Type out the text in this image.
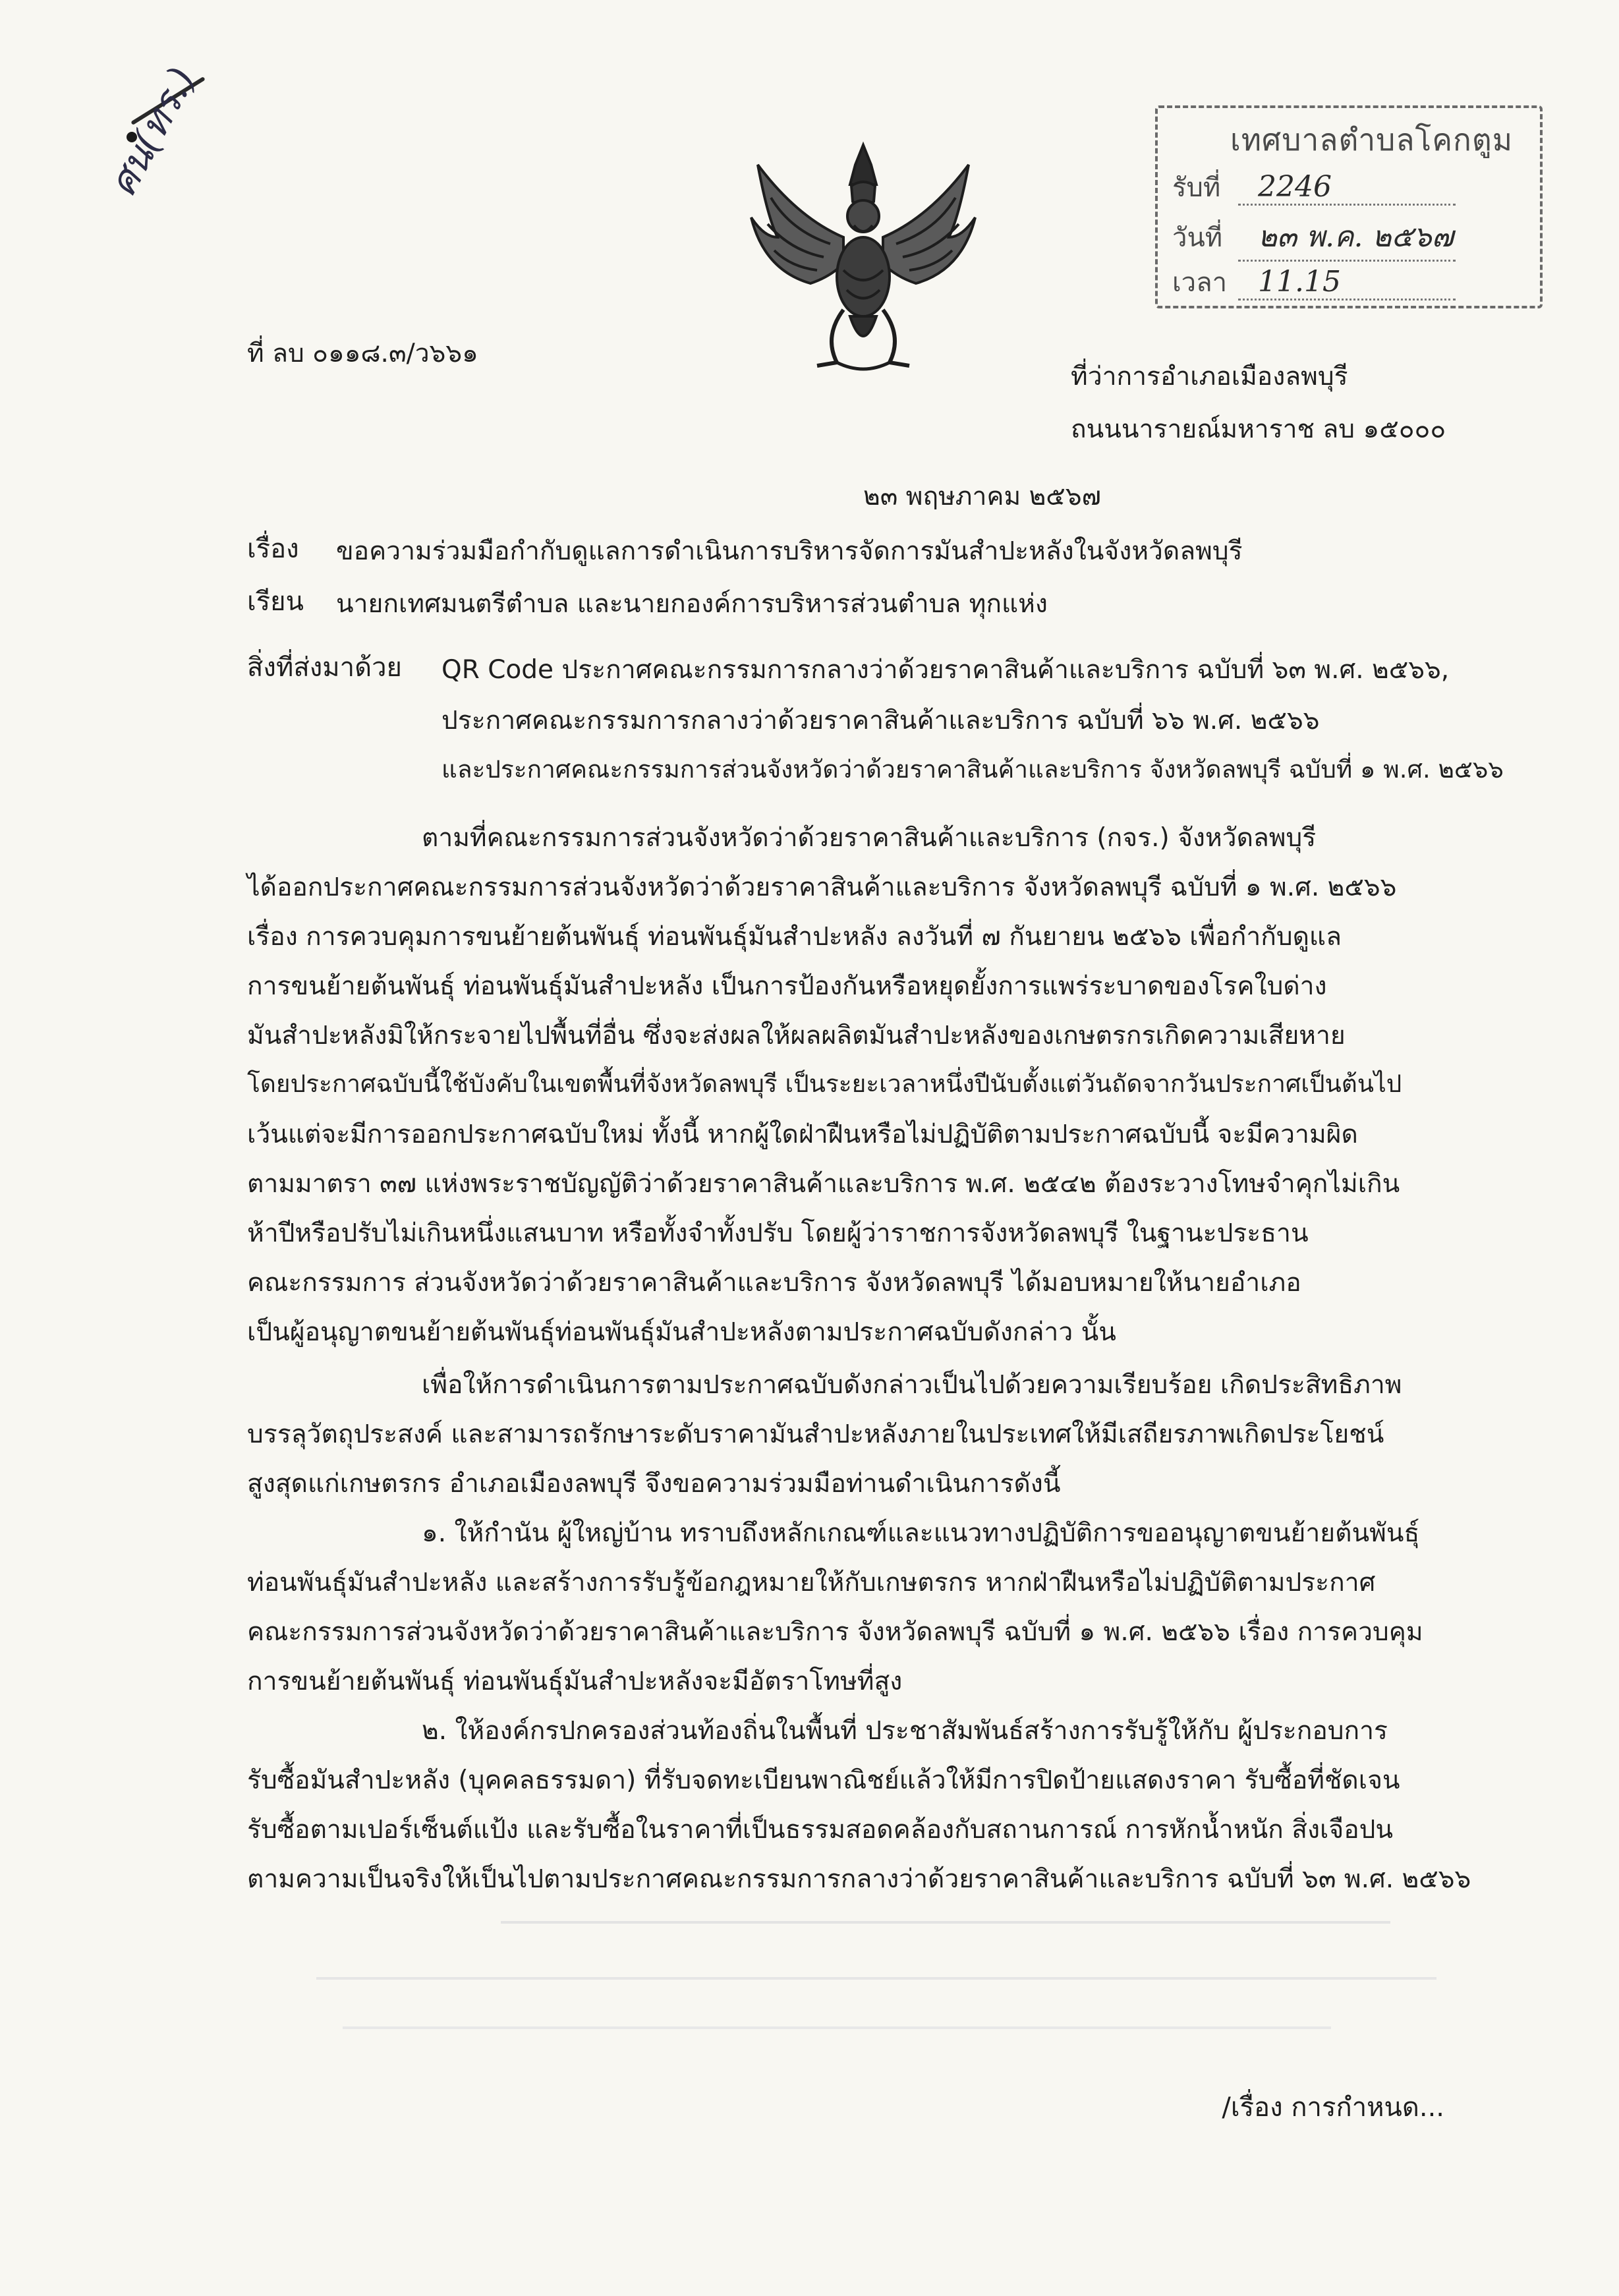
ศน(ทร.)	เทศบาลตำบลโคกตูม
รับที่ 2246
วันที่ ๒๓ พ.ค. ๒๕๖๗
เวลา 11.15
ที่ ลบ ๐๑๑๘.๓/ว๖๖๑
ที่ว่าการอำเภอเมืองลพบุรี
ถนนนารายณ์มหาราช ลบ ๑๕๐๐๐
๒๓ พฤษภาคม ๒๕๖๗
เรื่อง ขอความร่วมมือกำกับดูแลการดำเนินการบริหารจัดการมันสำปะหลังในจังหวัดลพบุรี
เรียน นายกเทศมนตรีตำบล และนายกองค์การบริหารส่วนตำบล ทุกแห่ง
สิ่งที่ส่งมาด้วย QR Code ประกาศคณะกรรมการกลางว่าด้วยราคาสินค้าและบริการ ฉบับที่ ๖๓ พ.ศ. ๒๕๖๖,
ประกาศคณะกรรมการกลางว่าด้วยราคาสินค้าและบริการ ฉบับที่ ๖๖ พ.ศ. ๒๕๖๖
และประกาศคณะกรรมการส่วนจังหวัดว่าด้วยราคาสินค้าและบริการ จังหวัดลพบุรี ฉบับที่ ๑ พ.ศ. ๒๕๖๖
ตามที่คณะกรรมการส่วนจังหวัดว่าด้วยราคาสินค้าและบริการ (กจร.) จังหวัดลพบุรี
ได้ออกประกาศคณะกรรมการส่วนจังหวัดว่าด้วยราคาสินค้าและบริการ จังหวัดลพบุรี ฉบับที่ ๑ พ.ศ. ๒๕๖๖
เรื่อง การควบคุมการขนย้ายต้นพันธุ์ ท่อนพันธุ์มันสำปะหลัง ลงวันที่ ๗ กันยายน ๒๕๖๖ เพื่อกำกับดูแล
การขนย้ายต้นพันธุ์ ท่อนพันธุ์มันสำปะหลัง เป็นการป้องกันหรือหยุดยั้งการแพร่ระบาดของโรคใบด่าง
มันสำปะหลังมิให้กระจายไปพื้นที่อื่น ซึ่งจะส่งผลให้ผลผลิตมันสำปะหลังของเกษตรกรเกิดความเสียหาย
โดยประกาศฉบับนี้ใช้บังคับในเขตพื้นที่จังหวัดลพบุรี เป็นระยะเวลาหนึ่งปีนับตั้งแต่วันถัดจากวันประกาศเป็นต้นไป
เว้นแต่จะมีการออกประกาศฉบับใหม่ ทั้งนี้ หากผู้ใดฝ่าฝืนหรือไม่ปฏิบัติตามประกาศฉบับนี้ จะมีความผิด
ตามมาตรา ๓๗ แห่งพระราชบัญญัติว่าด้วยราคาสินค้าและบริการ พ.ศ. ๒๕๔๒ ต้องระวางโทษจำคุกไม่เกิน
ห้าปีหรือปรับไม่เกินหนึ่งแสนบาท หรือทั้งจำทั้งปรับ โดยผู้ว่าราชการจังหวัดลพบุรี ในฐานะประธาน
คณะกรรมการ ส่วนจังหวัดว่าด้วยราคาสินค้าและบริการ จังหวัดลพบุรี ได้มอบหมายให้นายอำเภอ
เป็นผู้อนุญาตขนย้ายต้นพันธุ์ท่อนพันธุ์มันสำปะหลังตามประกาศฉบับดังกล่าว นั้น
เพื่อให้การดำเนินการตามประกาศฉบับดังกล่าวเป็นไปด้วยความเรียบร้อย เกิดประสิทธิภาพ
บรรลุวัตถุประสงค์ และสามารถรักษาระดับราคามันสำปะหลังภายในประเทศให้มีเสถียรภาพเกิดประโยชน์
สูงสุดแก่เกษตรกร อำเภอเมืองลพบุรี จึงขอความร่วมมือท่านดำเนินการดังนี้
๑. ให้กำนัน ผู้ใหญ่บ้าน ทราบถึงหลักเกณฑ์และแนวทางปฏิบัติการขออนุญาตขนย้ายต้นพันธุ์
ท่อนพันธุ์มันสำปะหลัง และสร้างการรับรู้ข้อกฎหมายให้กับเกษตรกร หากฝ่าฝืนหรือไม่ปฏิบัติตามประกาศ
คณะกรรมการส่วนจังหวัดว่าด้วยราคาสินค้าและบริการ จังหวัดลพบุรี ฉบับที่ ๑ พ.ศ. ๒๕๖๖ เรื่อง การควบคุม
การขนย้ายต้นพันธุ์ ท่อนพันธุ์มันสำปะหลังจะมีอัตราโทษที่สูง
๒. ให้องค์กรปกครองส่วนท้องถิ่นในพื้นที่ ประชาสัมพันธ์สร้างการรับรู้ให้กับ ผู้ประกอบการ
รับซื้อมันสำปะหลัง (บุคคลธรรมดา) ที่รับจดทะเบียนพาณิชย์แล้วให้มีการปิดป้ายแสดงราคา รับซื้อที่ชัดเจน
รับซื้อตามเปอร์เซ็นต์แป้ง และรับซื้อในราคาที่เป็นธรรมสอดคล้องกับสถานการณ์ การหักน้ำหนัก สิ่งเจือปน
ตามความเป็นจริงให้เป็นไปตามประกาศคณะกรรมการกลางว่าด้วยราคาสินค้าและบริการ ฉบับที่ ๖๓ พ.ศ. ๒๕๖๖
/เรื่อง การกำหนด...
